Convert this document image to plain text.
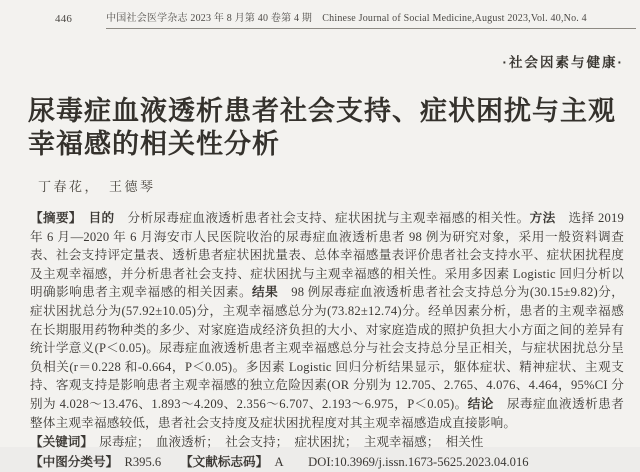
446	中国社会医学杂志 2023 年 8 月第 40 卷第 4 期　Chinese Journal of Social Medicine,August 2023,Vol. 40,No. 4
·社会因素与健康·
尿毒症血液透析患者社会支持、症状困扰与主观
幸福感的相关性分析
丁春花，　王德琴
【摘要】　目的　分析尿毒症血液透析患者社会支持、症状困扰与主观幸福感的相关性。方法　选择 2019 年 6 月—2020 年 6 月海安市人民医院收治的尿毒症血液透析患者 98 例为研究对象，采用一般资料调查表、社会支持评定量表、透析患者症状困扰量表、总体幸福感量表评价患者社会支持水平、症状困扰程度及主观幸福感，并分析患者社会支持、症状困扰与主观幸福感的相关性。采用多因素 Logistic 回归分析以明确影响患者主观幸福感的相关因素。结果　98 例尿毒症血液透析患者社会支持总分为(30.15±9.82)分，症状困扰总分为(57.92±10.05)分，主观幸福感总分为(73.82±12.74)分。经单因素分析，患者的主观幸福感在长期服用药物种类的多少、对家庭造成经济负担的大小、对家庭造成的照护负担大小方面之间的差异有统计学意义(P＜0.05)。尿毒症血液透析患者主观幸福感总分与社会支持总分呈正相关，与症状困扰总分呈负相关(r＝0.228 和-0.664，P＜0.05)。多因素 Logistic 回归分析结果显示，躯体症状、精神症状、主观支持、客观支持是影响患者主观幸福感的独立危险因素(OR 分别为 12.705、2.765、4.076、4.464，95%CI 分别为 4.028～13.476、1.893～4.209、2.356～6.707、2.193～6.975，P＜0.05)。结论　尿毒症血液透析患者整体主观幸福感较低，患者社会支持度及症状困扰程度对其主观幸福感造成直接影响。
【关键词】　尿毒症；　血液透析；　社会支持；　症状困扰；　主观幸福感；　相关性
【中图分类号】　R395.6　　【文献标志码】　A　　DOI:10.3969/j.issn.1673-5625.2023.04.016
